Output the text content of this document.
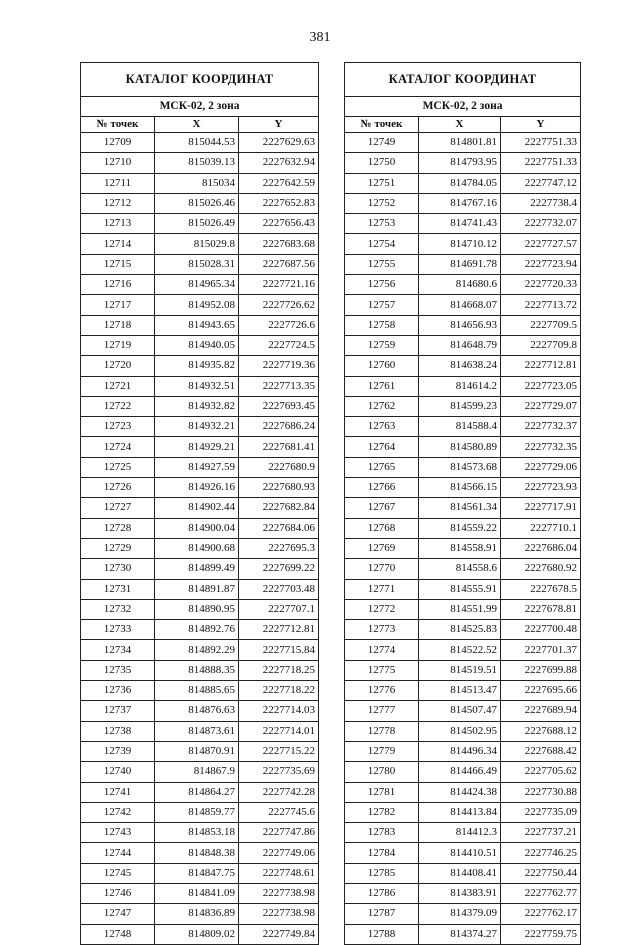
381
КАТАЛОГ КООРДИНАТ		
МСК-02, 2 зона		
№ точек	X	Y
12709	815044.53	2227629.63
12710	815039.13	2227632.94
12711	815034	2227642.59
12712	815026.46	2227652.83
12713	815026.49	2227656.43
12714	815029.8	2227683.68
12715	815028.31	2227687.56
12716	814965.34	2227721.16
12717	814952.08	2227726.62
12718	814943.65	2227726.6
12719	814940.05	2227724.5
12720	814935.82	2227719.36
12721	814932.51	2227713.35
12722	814932.82	2227693.45
12723	814932.21	2227686.24
12724	814929.21	2227681.41
12725	814927.59	2227680.9
12726	814926.16	2227680.93
12727	814902.44	2227682.84
12728	814900.04	2227684.06
12729	814900.68	2227695.3
12730	814899.49	2227699.22
12731	814891.87	2227703.48
12732	814890.95	2227707.1
12733	814892.76	2227712.81
12734	814892.29	2227715.84
12735	814888.35	2227718.25
12736	814885.65	2227718.22
12737	814876.63	2227714.03
12738	814873.61	2227714.01
12739	814870.91	2227715.22
12740	814867.9	2227735.69
12741	814864.27	2227742.28
12742	814859.77	2227745.6
12743	814853.18	2227747.86
12744	814848.38	2227749.06
12745	814847.75	2227748.61
12746	814841.09	2227738.98
12747	814836.89	2227738.98
12748	814809.02	2227749.84
КАТАЛОГ КООРДИНАТ		
МСК-02, 2 зона		
№ точек	X	Y
12749	814801.81	2227751.33
12750	814793.95	2227751.33
12751	814784.05	2227747.12
12752	814767.16	2227738.4
12753	814741.43	2227732.07
12754	814710.12	2227727.57
12755	814691.78	2227723.94
12756	814680.6	2227720.33
12757	814668.07	2227713.72
12758	814656.93	2227709.5
12759	814648.79	2227709.8
12760	814638.24	2227712.81
12761	814614.2	2227723.05
12762	814599.23	2227729.07
12763	814588.4	2227732.37
12764	814580.89	2227732.35
12765	814573.68	2227729.06
12766	814566.15	2227723.93
12767	814561.34	2227717.91
12768	814559.22	2227710.1
12769	814558.91	2227686.04
12770	814558.6	2227680.92
12771	814555.91	2227678.5
12772	814551.99	2227678.81
12773	814525.83	2227700.48
12774	814522.52	2227701.37
12775	814519.51	2227699.88
12776	814513.47	2227695.66
12777	814507.47	2227689.94
12778	814502.95	2227688.12
12779	814496.34	2227688.42
12780	814466.49	2227705.62
12781	814424.38	2227730.88
12782	814413.84	2227735.09
12783	814412.3	2227737.21
12784	814410.51	2227746.25
12785	814408.41	2227750.44
12786	814383.91	2227762.77
12787	814379.09	2227762.17
12788	814374.27	2227759.75
